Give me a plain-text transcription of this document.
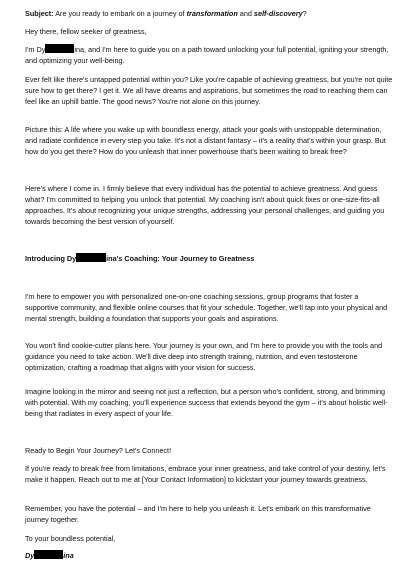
Subject: Are you ready to embark on a journey of transformation and self-discovery?

Hey there, fellow seeker of greatness,

I'm Dy	ina, and I'm here to guide you on a path toward unlocking your full potential, igniting your strength, and optimizing your well-being.

Ever felt like there's untapped potential within you? Like you're capable of achieving greatness, but you're not quite sure how to get there? I get it. We all have dreams and aspirations, but sometimes the road to reaching them can feel like an uphill battle. The good news? You're not alone on this journey.

Picture this: A life where you wake up with boundless energy, attack your goals with unstoppable determination, and radiate confidence in every step you take. It's not a distant fantasy – it's a reality that's within your grasp. But how do you get there? How do you unleash that inner powerhouse that's been waiting to break free?

Here's where I come in. I firmly believe that every individual has the potential to achieve greatness. And guess what? I'm committed to helping you unlock that potential. My coaching isn't about quick fixes or one-size-fits-all approaches. It's about recognizing your unique strengths, addressing your personal challenges, and guiding you towards becoming the best version of yourself.

Introducing Dy	ina's Coaching: Your Journey to Greatness

I'm here to empower you with personalized one-on-one coaching sessions, group programs that foster a supportive community, and flexible online courses that fit your schedule. Together, we'll tap into your physical and mental strength, building a foundation that supports your goals and aspirations.

You won't find cookie-cutter plans here. Your journey is your own, and I'm here to provide you with the tools and guidance you need to take action. We'll dive deep into strength training, nutrition, and even testosterone optimization, crafting a roadmap that aligns with your vision for success.

Imagine looking in the mirror and seeing not just a reflection, but a person who's confident, strong, and brimming with potential. With my coaching, you'll experience success that extends beyond the gym – it's about holistic well-being that radiates in every aspect of your life.

Ready to Begin Your Journey? Let's Connect!

If you're ready to break free from limitations, embrace your inner greatness, and take control of your destiny, let's make it happen. Reach out to me at [Your Contact Information] to kickstart your journey towards greatness.

Remember, you have the potential – and I'm here to help you unleash it. Let's embark on this transformative journey together.

To your boundless potential,

Dy	ina
